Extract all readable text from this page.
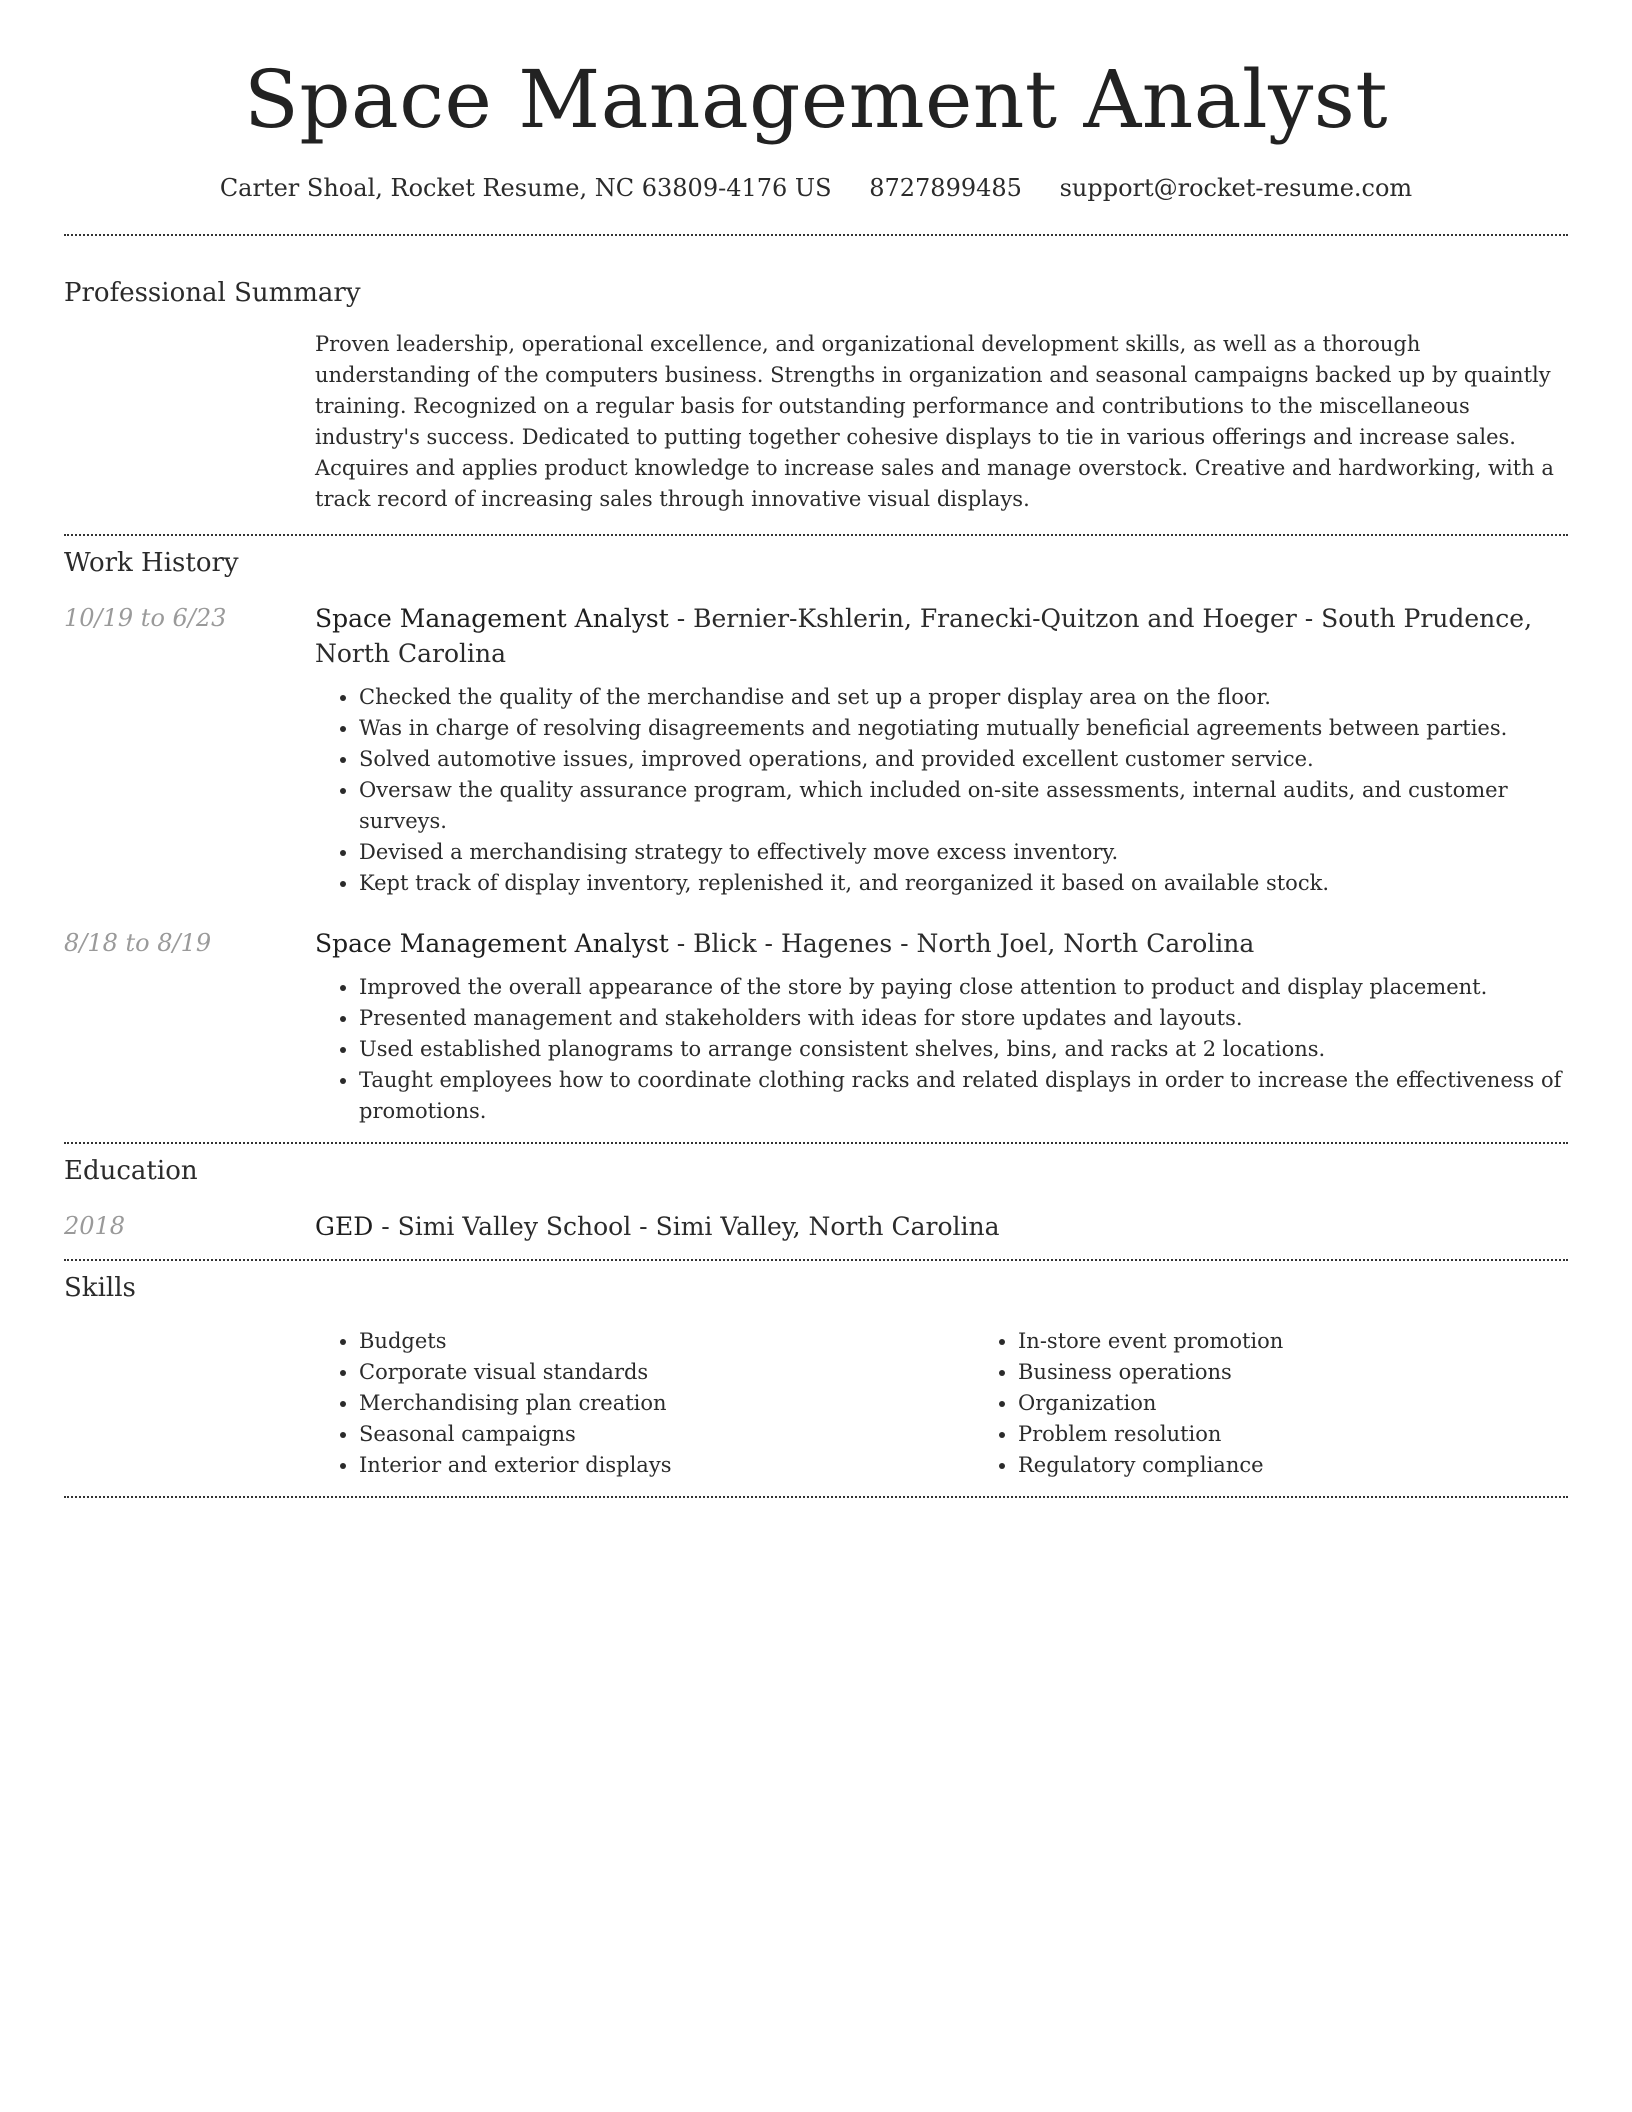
Space Management Analyst
Carter Shoal, Rocket Resume, NC 63809-4176 US 8727899485 support@rocket-resume.com
Professional Summary

Proven leadership, operational excellence, and organizational development skills, as well as a thorough understanding of the computers business. Strengths in organization and seasonal campaigns backed up by quaintly training. Recognized on a regular basis for outstanding performance and contributions to the miscellaneous industry's success. Dedicated to putting together cohesive displays to tie in various offerings and increase sales. Acquires and applies product knowledge to increase sales and manage overstock. Creative and hardworking, with a track record of increasing sales through innovative visual displays.

Work History
10/19 to 6/23	Space Management Analyst - Bernier-Kshlerin, Franecki-Quitzon and Hoeger - South Prudence, North Carolina

• Checked the quality of the merchandise and set up a proper display area on the floor.
• Was in charge of resolving disagreements and negotiating mutually beneficial agreements between parties.
• Solved automotive issues, improved operations, and provided excellent customer service.
• Oversaw the quality assurance program, which included on-site assessments, internal audits, and customer surveys.
• Devised a merchandising strategy to effectively move excess inventory.
• Kept track of display inventory, replenished it, and reorganized it based on available stock.
8/18 to 8/19	Space Management Analyst - Blick - Hagenes - North Joel, North Carolina

• Improved the overall appearance of the store by paying close attention to product and display placement.
• Presented management and stakeholders with ideas for store updates and layouts.
• Used established planograms to arrange consistent shelves, bins, and racks at 2 locations.
• Taught employees how to coordinate clothing racks and related displays in order to increase the effectiveness of promotions.
Education
2018	GED - Simi Valley School - Simi Valley, North Carolina

Skills
• Budgets
• Corporate visual standards
• Merchandising plan creation
• Seasonal campaigns
• Interior and exterior displays
• In-store event promotion
• Business operations
• Organization
• Problem resolution
• Regulatory compliance
